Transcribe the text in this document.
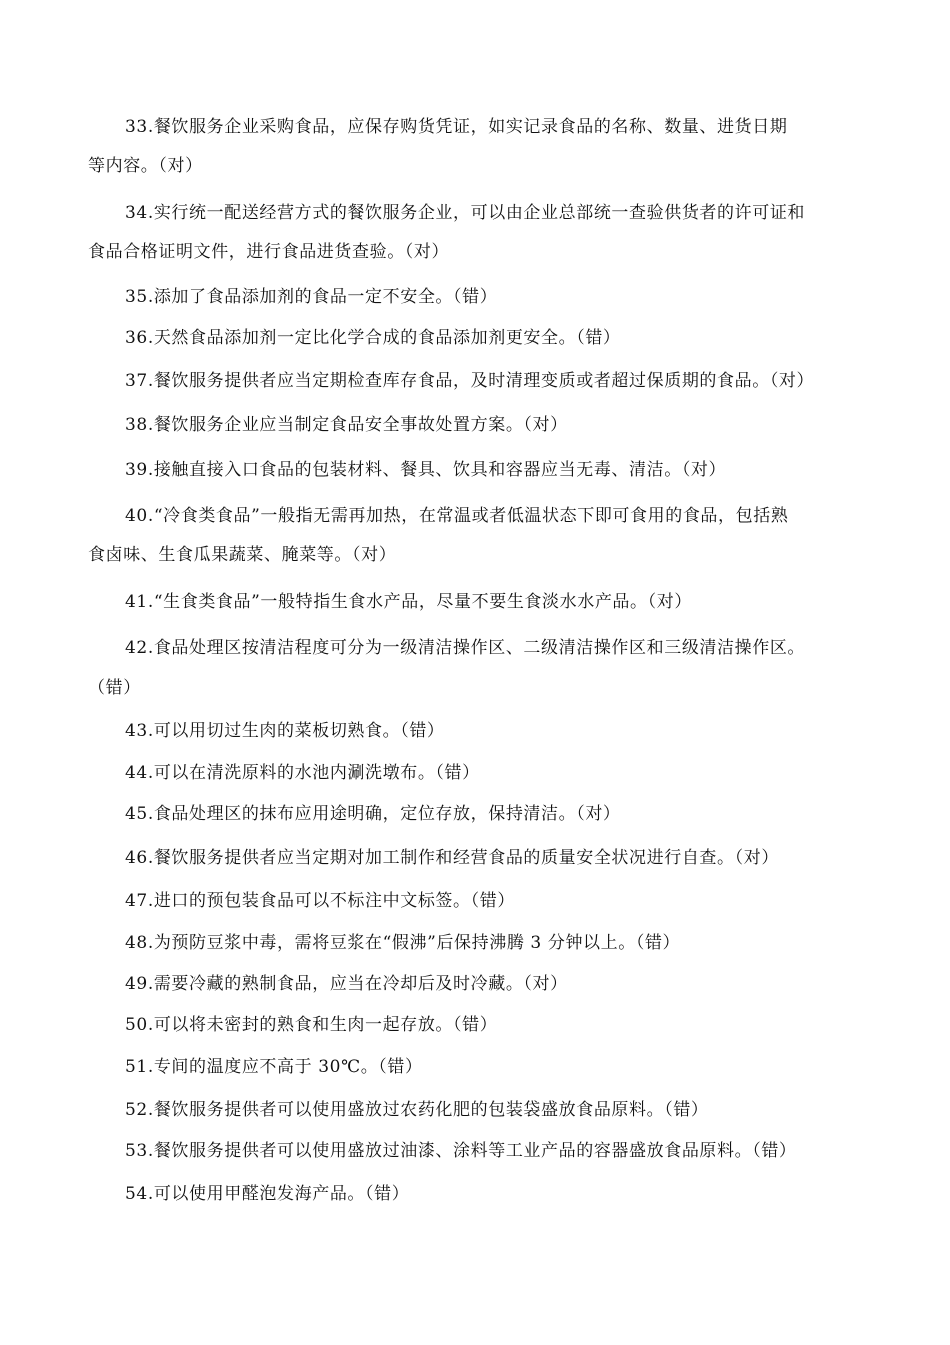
33.餐饮服务企业采购食品，应保存购货凭证，如实记录食品的名称、数量、进货日期
等内容。（对）
34.实行统一配送经营方式的餐饮服务企业，可以由企业总部统一查验供货者的许可证和
食品合格证明文件，进行食品进货查验。（对）
35.添加了食品添加剂的食品一定不安全。（错）
36.天然食品添加剂一定比化学合成的食品添加剂更安全。（错）
37.餐饮服务提供者应当定期检查库存食品，及时清理变质或者超过保质期的食品。（对）
38.餐饮服务企业应当制定食品安全事故处置方案。（对）
39.接触直接入口食品的包装材料、餐具、饮具和容器应当无毒、清洁。（对）
40.“冷食类食品”一般指无需再加热，在常温或者低温状态下即可食用的食品，包括熟
食卤味、生食瓜果蔬菜、腌菜等。（对）
41.“生食类食品”一般特指生食水产品，尽量不要生食淡水水产品。（对）
42.食品处理区按清洁程度可分为一级清洁操作区、二级清洁操作区和三级清洁操作区。
（错）
43.可以用切过生肉的菜板切熟食。（错）
44.可以在清洗原料的水池内涮洗墩布。（错）
45.食品处理区的抹布应用途明确，定位存放，保持清洁。（对）
46.餐饮服务提供者应当定期对加工制作和经营食品的质量安全状况进行自查。（对）
47.进口的预包装食品可以不标注中文标签。（错）
48.为预防豆浆中毒，需将豆浆在“假沸”后保持沸腾 3 分钟以上。（错）
49.需要冷藏的熟制食品，应当在冷却后及时冷藏。（对）
50.可以将未密封的熟食和生肉一起存放。（错）
51.专间的温度应不高于 30℃。（错）
52.餐饮服务提供者可以使用盛放过农药化肥的包装袋盛放食品原料。（错）
53.餐饮服务提供者可以使用盛放过油漆、涂料等工业产品的容器盛放食品原料。（错）
54.可以使用甲醛泡发海产品。（错）
